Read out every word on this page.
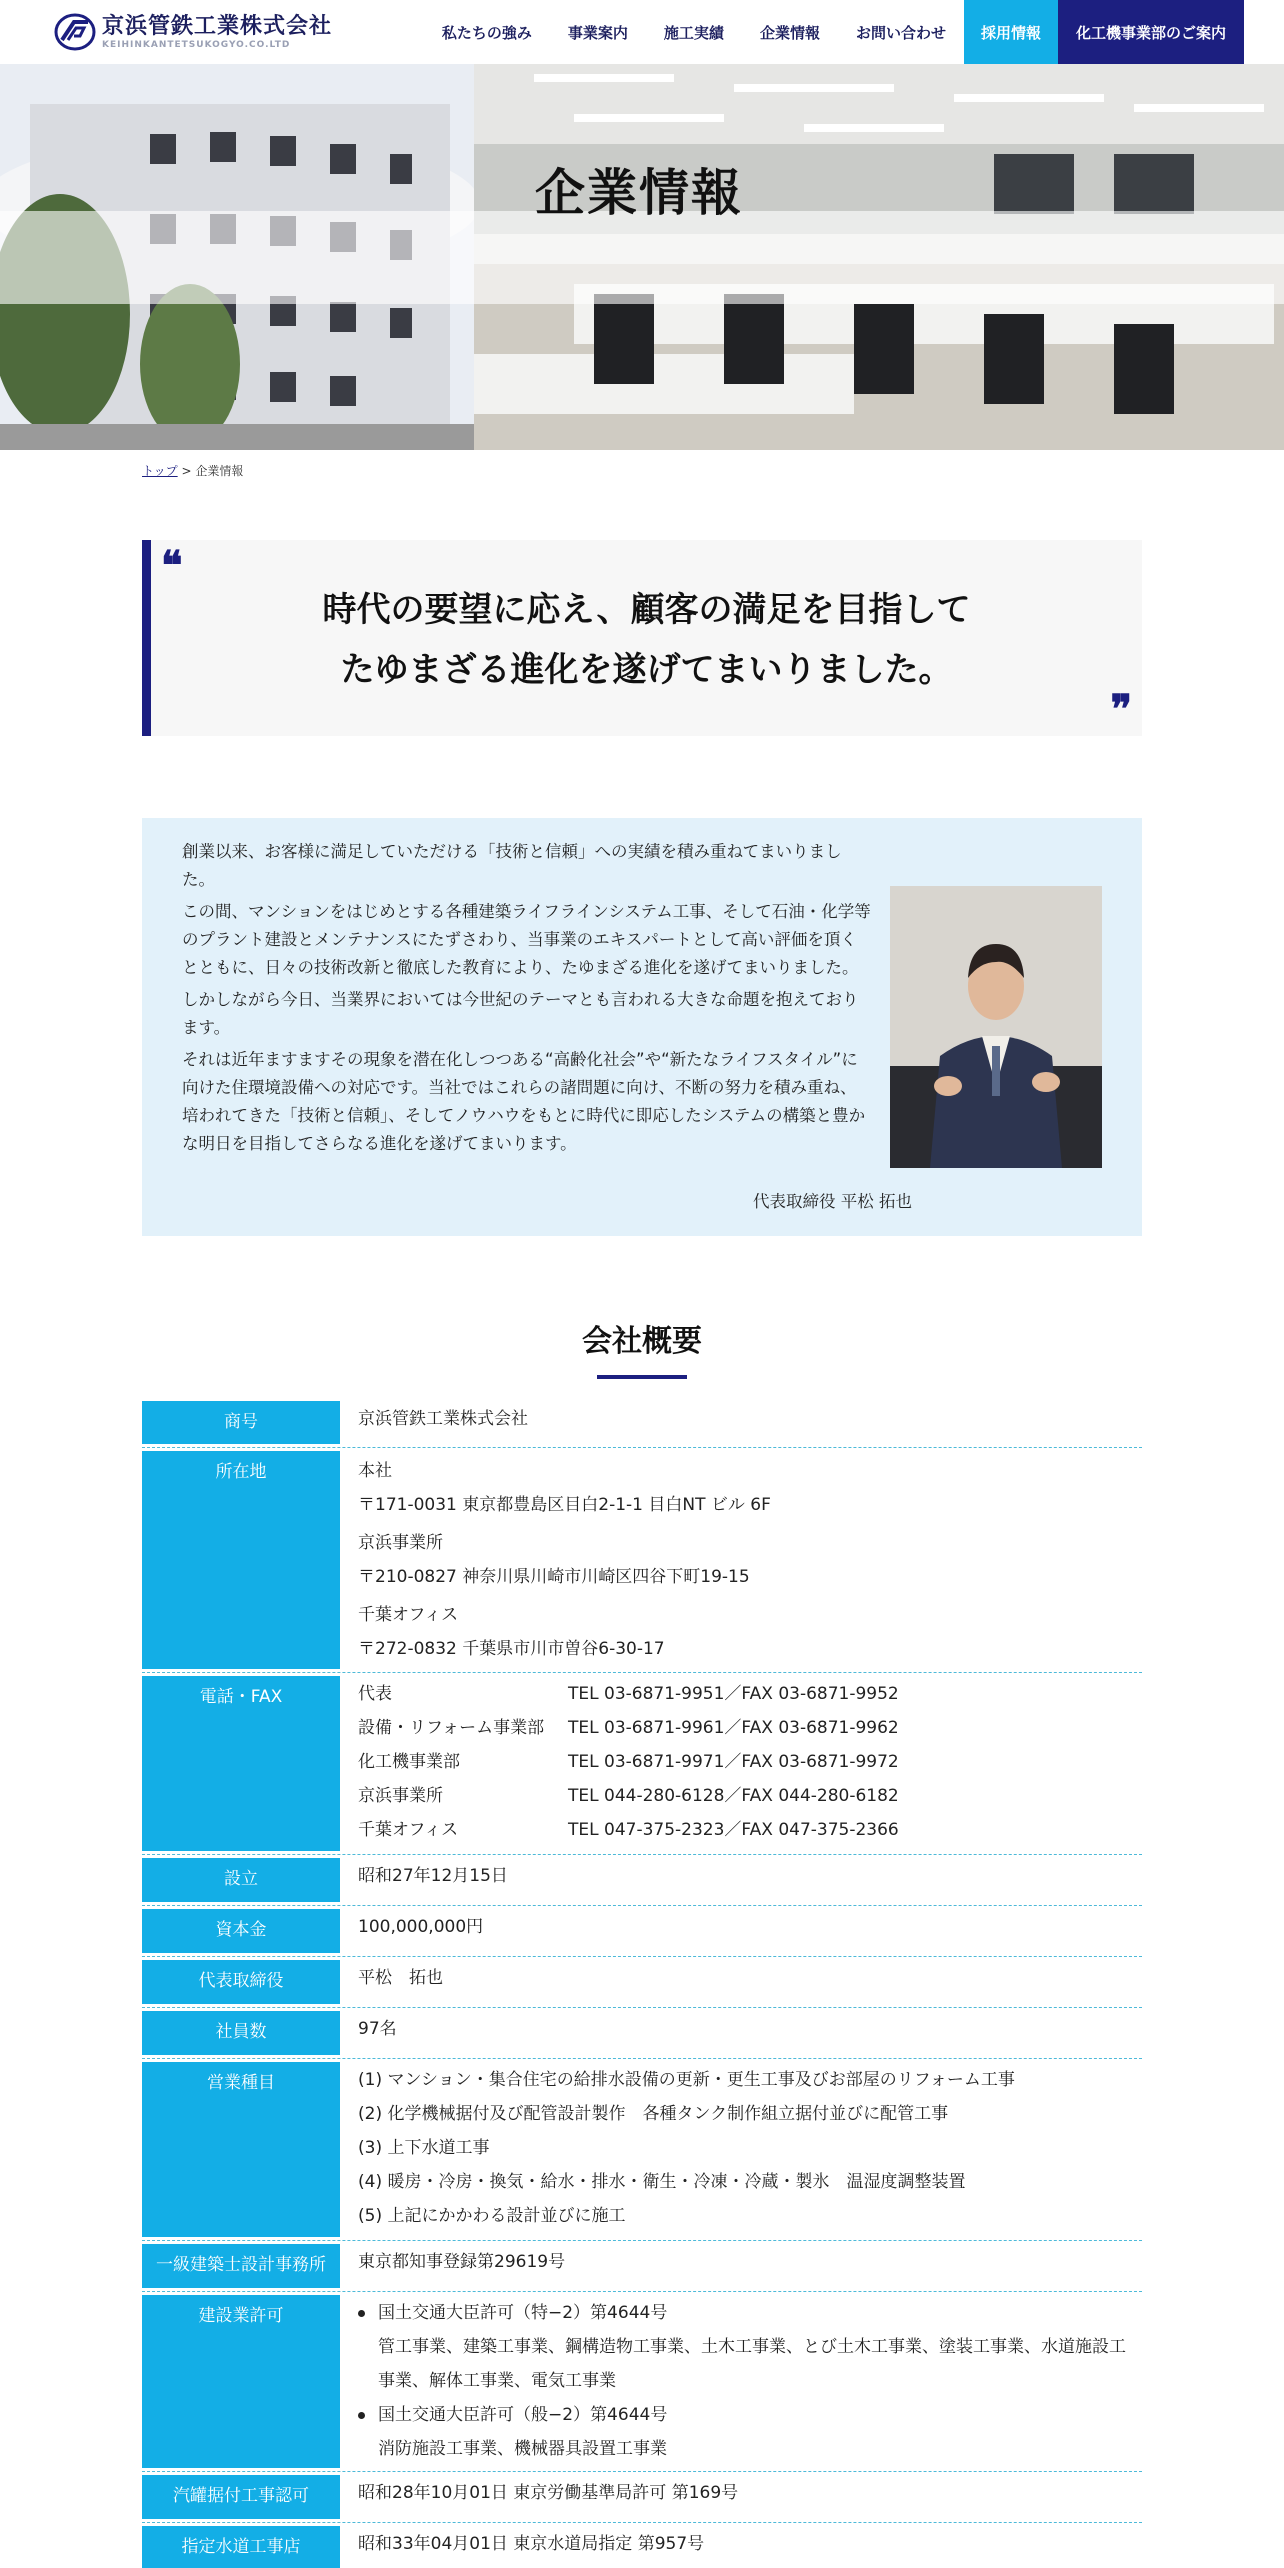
京浜管鉄工業株式会社
KEIHINKANTETSUKOGYO.CO.LTD
私たちの強み	事業案内	施工実績	企業情報	お問い合わせ	採用情報	化工機事業部のご案内
企業情報
トップ > 企業情報
❝
時代の要望に応え、顧客の満足を目指して
たゆまざる進化を遂げてまいりました。
❞

創業以来、お客様に満足していただける「技術と信頼」への実績を積み重ねてまいりました。

この間、マンションをはじめとする各種建築ライフラインシステム工事、そして石油・化学等のプラント建設とメンテナンスにたずさわり、当事業のエキスパートとして高い評価を頂くとともに、日々の技術改新と徹底した教育により、たゆまざる進化を遂げてまいりました。

しかしながら今日、当業界においては今世紀のテーマとも言われる大きな命題を抱えております。

それは近年ますますその現象を潜在化しつつある“高齢化社会”や“新たなライフスタイル”に向けた住環境設備への対応です。当社ではこれらの諸問題に向け、不断の努力を積み重ね、培われてきた「技術と信頼」、そしてノウハウをもとに時代に即応したシステムの構築と豊かな明日を目指してさらなる進化を遂げてまいります。

代表取締役 平松 拓也
会社概要
商号	京浜管鉄工業株式会社
所在地	本社
〒171-0031 東京都豊島区目白2-1-1 目白NT ビル 6F
京浜事業所
〒210-0827 神奈川県川崎市川崎区四谷下町19-15
千葉オフィス
〒272-0832 千葉県市川市曽谷6-30-17
電話・FAX	代表	TEL 03-6871-9951／FAX 03-6871-9952
設備・リフォーム事業部	TEL 03-6871-9961／FAX 03-6871-9962
化工機事業部	TEL 03-6871-9971／FAX 03-6871-9972
京浜事業所	TEL 044-280-6128／FAX 044-280-6182
千葉オフィス	TEL 047-375-2323／FAX 047-375-2366
設立	昭和27年12月15日
資本金	100,000,000円
代表取締役	平松　拓也
社員数	97名
営業種目	(1) マンション・集合住宅の給排水設備の更新・更生工事及びお部屋のリフォーム工事
(2) 化学機械据付及び配管設計製作　各種タンク制作組立据付並びに配管工事
(3) 上下水道工事
(4) 暖房・冷房・換気・給水・排水・衛生・冷凍・冷蔵・製氷　温湿度調整装置
(5) 上記にかかわる設計並びに施工
一級建築士設計事務所	東京都知事登録第29619号
建設業許可	国土交通大臣許可（特−2）第4644号
管工事業、建築工事業、鋼構造物工事業、土木工事業、とび土木工事業、塗装工事業、水道施設工事業、解体工事業、電気工事業
国土交通大臣許可（般−2）第4644号
消防施設工事業、機械器具設置工事業
汽罐据付工事認可	昭和28年10月01日 東京労働基準局許可 第169号
指定水道工事店	昭和33年04月01日 東京水道局指定 第957号
